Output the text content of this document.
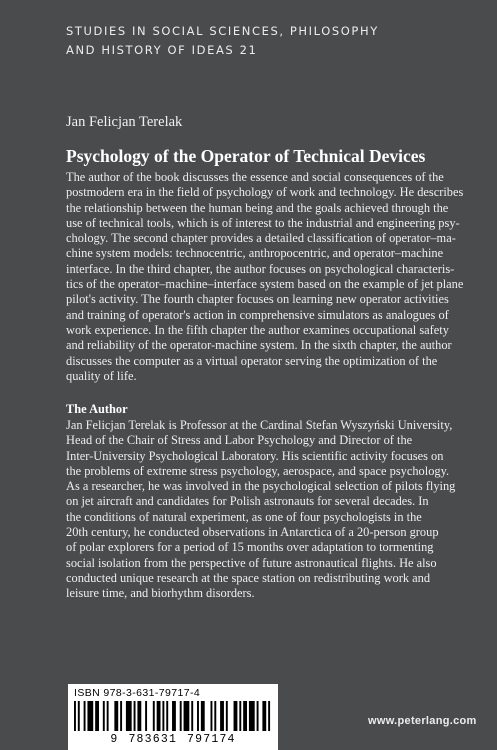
STUDIES IN SOCIAL SCIENCES, PHILOSOPHY
AND HISTORY OF IDEAS 21
Jan Felicjan Terelak
Psychology of the Operator of Technical Devices
The author of the book discusses the essence and social consequences of the
postmodern era in the field of psychology of work and technology. He describes
the relationship between the human being and the goals achieved through the
use of technical tools, which is of interest to the industrial and engineering psy-
chology. The second chapter provides a detailed classification of operator–ma-
chine system models: technocentric, anthropocentric, and operator–machine
interface. In the third chapter, the author focuses on psychological characteris-
tics of the operator–machine–interface system based on the example of jet plane
pilot's activity. The fourth chapter focuses on learning new operator activities
and training of operator's action in comprehensive simulators as analogues of
work experience. In the fifth chapter the author examines occupational safety
and reliability of the operator-machine system. In the sixth chapter, the author
discusses the computer as a virtual operator serving the optimization of the
quality of life.
The Author
Jan Felicjan Terelak is Professor at the Cardinal Stefan Wyszyński University,
Head of the Chair of Stress and Labor Psychology and Director of the
Inter-University Psychological Laboratory. His scientific activity focuses on
the problems of extreme stress psychology, aerospace, and space psychology.
As a researcher, he was involved in the psychological selection of pilots flying
on jet aircraft and candidates for Polish astronauts for several decades. In
the conditions of natural experiment, as one of four psychologists in the
20th century, he conducted observations in Antarctica of a 20-person group
of polar explorers for a period of 15 months over adaptation to tormenting
social isolation from the perspective of future astronautical flights. He also
conducted unique research at the space station on redistributing work and
leisure time, and biorhythm disorders.
ISBN 978-3-631-79717-4
9 783631 797174
www.peterlang.com
